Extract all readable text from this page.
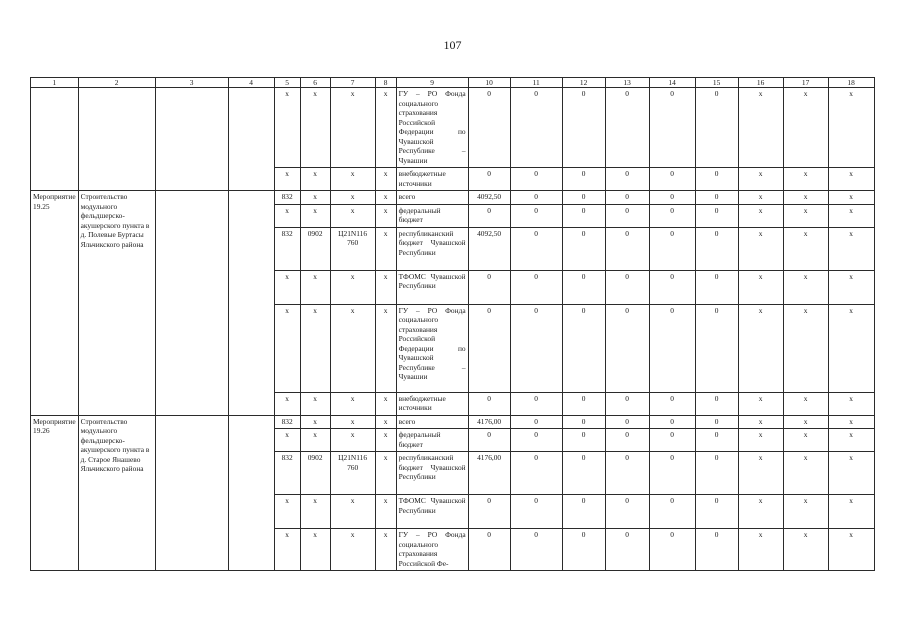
107
1	2	3	4	5	6	7	8	9	10	11	12	13	14	15	16	17	18
				x	x	x	x	ГУ – РО Фонда социального страхования Российской Федерации по Чувашской Республике – Чувашии	0	0	0	0	0	0	x	x	x
				x	x	x	x	внебюджетные источники	0	0	0	0	0	0	x	x	x
Мероприятие 19.25	Строительство модульного фельдшерско-акушерского пункта в д. Полевые Буртасы Яльчикского района			832	x	x	x	всего	4092,50	0	0	0	0	0	x	x	x
				x	x	x	x	федеральный бюджет	0	0	0	0	0	0	x	x	x
				832	0902	Ц21N116 760	x	республиканский бюджет Чувашской Республики	4092,50	0	0	0	0	0	x	x	x
				x	x	x	x	ТФОМС Чувашской Республики	0	0	0	0	0	0	x	x	x
				x	x	x	x	ГУ – РО Фонда социального страхования Российской Федерации по Чувашской Республике – Чувашии	0	0	0	0	0	0	x	x	x
				x	x	x	x	внебюджетные источники	0	0	0	0	0	0	x	x	x
Мероприятие 19.26	Строительство модульного фельдшерско-акушерского пункта в д. Старое Янашево Яльчикского района			832	x	x	x	всего	4176,00	0	0	0	0	0	x	x	x
				x	x	x	x	федеральный бюджет	0	0	0	0	0	0	x	x	x
				832	0902	Ц21N116 760	x	республиканский бюджет Чувашской Республики	4176,00	0	0	0	0	0	x	x	x
				x	x	x	x	ТФОМС Чувашской Республики	0	0	0	0	0	0	x	x	x
				x	x	x	x	ГУ – РО Фонда социального страхования Российской Фе-	0	0	0	0	0	0	x	x	x
